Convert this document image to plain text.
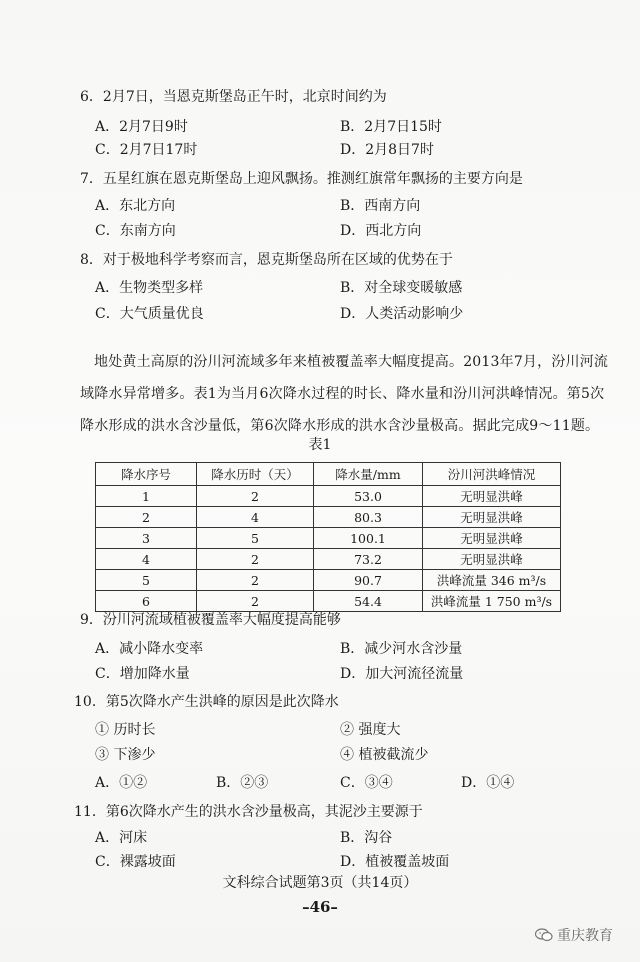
6．2月7日，当恩克斯堡岛正午时，北京时间约为
A．2月7日9时	B．2月7日15时
C．2月7日17时	D．2月8日7时
7．五星红旗在恩克斯堡岛上迎风飘扬。推测红旗常年飘扬的主要方向是
A．东北方向	B．西南方向
C．东南方向	D．西北方向
8．对于极地科学考察而言，恩克斯堡岛所在区域的优势在于
A．生物类型多样	B．对全球变暖敏感
C．大气质量优良	D．人类活动影响少
地处黄土高原的汾川河流域多年来植被覆盖率大幅度提高。2013年7月，汾川河流
域降水异常增多。表1为当月6次降水过程的时长、降水量和汾川河洪峰情况。第5次
降水形成的洪水含沙量低，第6次降水形成的洪水含沙量极高。据此完成9～11题。
表1
降水序号	降水历时（天）	降水量/mm	汾川河洪峰情况
1	2	53.0	无明显洪峰
2	4	80.3	无明显洪峰
3	5	100.1	无明显洪峰
4	2	73.2	无明显洪峰
5	2	90.7	洪峰流量 346 m³/s
6	2	54.4	洪峰流量 1 750 m³/s
9．汾川河流域植被覆盖率大幅度提高能够
A．减小降水变率	B．减少河水含沙量
C．增加降水量	D．加大河流径流量
10．第5次降水产生洪峰的原因是此次降水
① 历时长	② 强度大
③ 下渗少	④ 植被截流少
A．①②	B．②③	C．③④	D．①④
11．第6次降水产生的洪水含沙量极高，其泥沙主要源于
A．河床	B．沟谷
C．裸露坡面	D．植被覆盖坡面
文科综合试题第3页（共14页）
–46–
重庆教育
